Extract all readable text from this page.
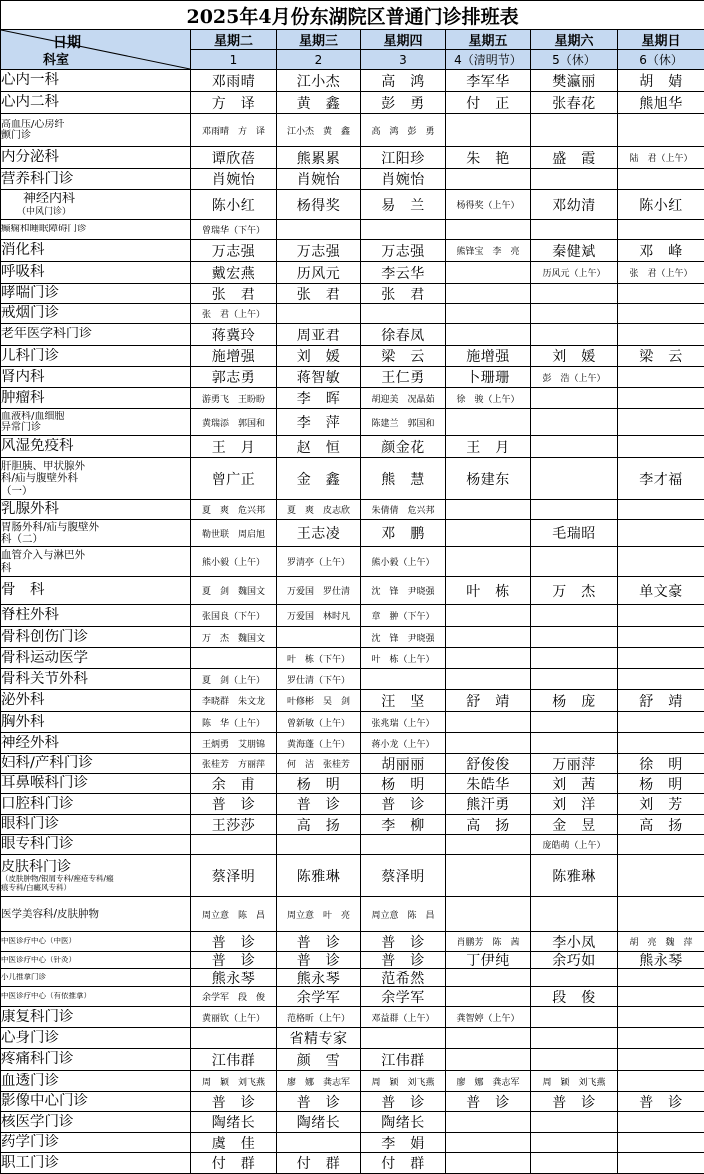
2025年4月份东湖院区普通门诊排班表						

日期
科室	星期二	星期三	星期四	星期五	星期六	星期日
	1	2	3	4（清明节）	5（休）	6（休）

心内一科	邓雨晴	江小杰	高　鸿	李军华	樊瀛丽	胡　婧

心内二科	方　译	黄　鑫	彭　勇	付　正	张春花	熊旭华

高血压/心房纤颤门诊	邓雨晴　方　译	江小杰　黄　鑫	高　鸿　彭　勇			

内分泌科	谭欣蓓	熊累累	江阳珍	朱　艳	盛　霞	陆　君（上午）

营养科门诊	肖婉怡	肖婉怡	肖婉怡			

神经内科
（中风门诊）	陈小红	杨得奖	易　兰	杨得奖（上午）	邓幼清	陈小红

癫痫和睡眠障碍门诊	曾瑞华（下午）					

消化科	万志强	万志强	万志强	熊锋宝　李　亮	秦健斌	邓　峰

呼吸科	戴宏燕	历风元	李云华		历风元（上午）	张　君（上午）

哮喘门诊	张　君	张　君	张　君			

戒烟门诊	张　君（上午）					

老年医学科门诊	蒋冀玲	周亚君	徐春凤			

儿科门诊	施增强	刘　媛	梁　云	施增强	刘　媛	梁　云

肾内科	郭志勇	蒋智敏	王仁勇	卜珊珊	彭　浩（上午）	

肿瘤科	游勇飞　王盼盼	李　晖	胡迎美　况晶茹	徐　骏（上午）		

血液科/血细胞异常门诊	黄瑞添　郭国和	李　萍	陈建兰　郭国和			

风湿免疫科	王　月	赵　恒	颜金花	王　月		

肝胆胰、甲状腺外科/疝与腹壁外科（一）	曾广正	金　鑫	熊　慧	杨建东		李才福

乳腺外科	夏　爽　危兴邦	夏　爽　皮志欣	朱倩倩　危兴邦			

胃肠外科/疝与腹壁外科（二）	勒世联　周启旭	王志凌	邓　鹏		毛瑞昭	

血管介入与淋巴外科	熊小毅（上午）	罗清亭（上午）	熊小毅（上午）			

骨　科	夏　剑　魏国文	万爱国　罗仕清	沈　锋　尹晓强	叶　栋	万　杰	单文豪

脊柱外科	张国良（下午）	万爱国　林时凡	章　翀（下午）			

骨科创伤门诊	万　杰　魏国文		沈　锋　尹晓强			

骨科运动医学		叶　栋（下午）	叶　栋（上午）			

骨科关节外科	夏　剑（上午）	罗仕清（下午）				

泌外科	李晓群　朱文龙	叶修彬　吴　剑	汪　坚	舒　靖	杨　庞	舒　靖

胸外科	陈　华（上午）	曾新敏（上午）	张兆瑞（上午）			

神经外科	王炳勇　艾朋锦	黄海蓬（上午）	蒋小龙（上午）			

妇科/产科门诊	张桂芳　方丽萍	何　洁　张桂芳	胡丽丽	舒俊俊	万丽萍	徐　明

耳鼻喉科门诊	余　甫	杨　明	杨　明	朱皓华	刘　茜	杨　明

口腔科门诊	普　诊	普　诊	普　诊	熊汗勇	刘　洋	刘　芳

眼科门诊	王莎莎	高　扬	李　柳	高　扬	金　昱	高　扬

眼专科门诊					庞皓萌（上午）	

皮肤科门诊
（皮肤肿物/银屑专科/痤疮专科/瘢痕专科/白癜风专科）	蔡泽明	陈雅琳	蔡泽明		陈雅琳	

医学美容科/皮肤肿物	周立意　陈　昌	周立意　叶　亮	周立意　陈　昌			

中医诊疗中心（中医）	普　诊	普　诊	普　诊	肖鹏芳　陈　茜	李小凤	胡　亮　魏　萍

中医诊疗中心（针灸）	普　诊	普　诊	普　诊	丁伊纯	余巧如	熊永琴

小儿推拿门诊	熊永琴	熊永琴	范希然			

中医诊疗中心（有依推拿）	余学军　段　俊	余学军	余学军		段　俊	

康复科门诊	黄丽钦（上午）	范格昕（上午）	邓益群（上午）	龚智婷（上午）		

心身门诊		省精专家				

疼痛科门诊	江伟群	颜　雪	江伟群			

血透门诊	周　颖　刘飞燕	廖　娜　龚志军	周　颖　刘飞燕	廖　娜　龚志军	周　颖　刘飞燕	

影像中心门诊	普　诊	普　诊	普　诊	普　诊	普　诊	普　诊

核医学门诊	陶绪长	陶绪长	陶绪长			

药学门诊	虞　佳		李　娟			

职工门诊	付　群	付　群	付　群			
